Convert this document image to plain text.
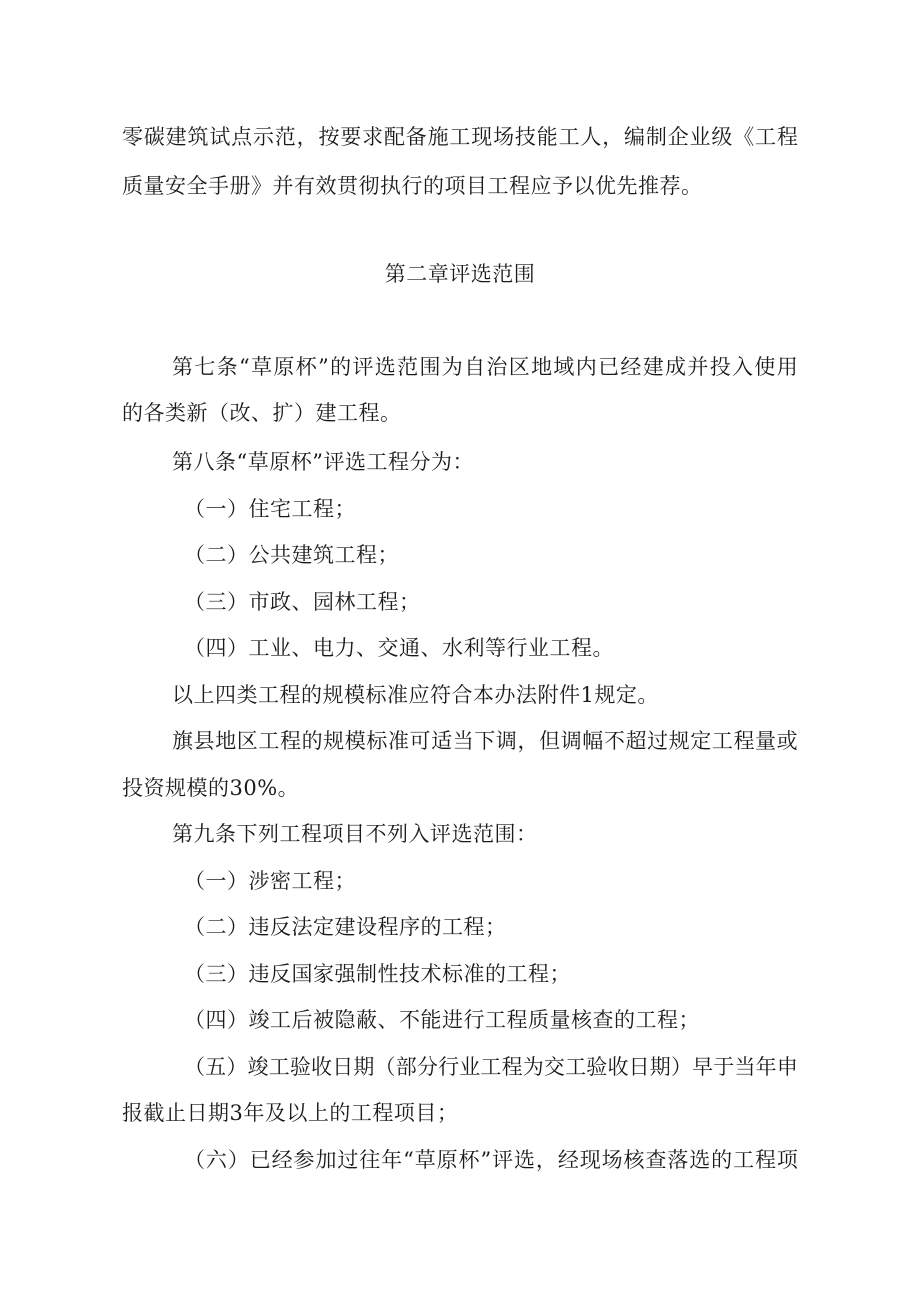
零 碳 建 筑 试 点 示 范 ， 按 要 求 配 备 施 工 现 场 技 能 工 人 ， 编 制 企 业 级 《 工 程
质量安全手册》并有效贯彻执行的项目工程应予以优先推荐。
第二章评选范围
第 七 条 “ 草 原 杯 ” 的 评 选 范 围 为 自 治 区 地 域 内 已 经 建 成 并 投 入 使 用
的各类新（改、扩）建工程。
第八条“草原杯”评选工程分为：
（一）住宅工程；
（二）公共建筑工程；
（三）市政、园林工程；
（四）工业、电力、交通、水利等行业工程。
以上四类工程的规模标准应符合本办法附件1规定。
旗 县 地 区 工 程 的 规 模 标 准 可 适 当 下 调 ， 但 调 幅 不 超 过 规 定 工 程 量 或
投资规模的30%。
第九条下列工程项目不列入评选范围：
（一）涉密工程；
（二）违反法定建设程序的工程；
（三）违反国家强制性技术标准的工程；
（四）竣工后被隐蔽、不能进行工程质量核查的工程；
（ 五 ） 竣 工 验 收 日 期 （ 部 分 行 业 工 程 为 交 工 验 收 日 期 ） 早 于 当 年 申
报截止日期3年及以上的工程项目；
（ 六 ） 已 经 参 加 过 往 年 “ 草 原 杯 ” 评 选 ， 经 现 场 核 查 落 选 的 工 程 项
